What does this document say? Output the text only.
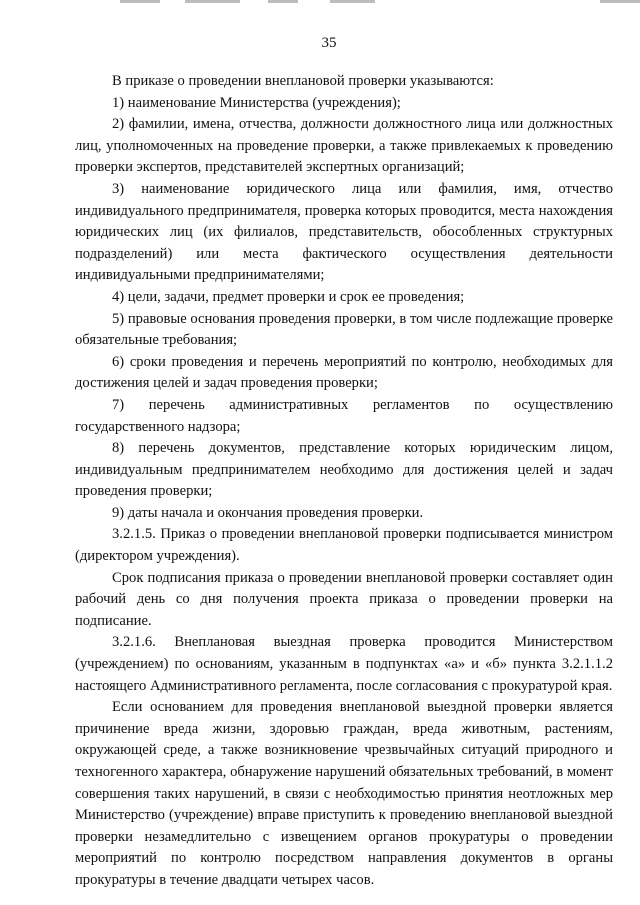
35

В приказе о проведении внеплановой проверки указываются:

1) наименование Министерства (учреждения);

2) фамилии, имена, отчества, должности должностного лица или должностных лиц, уполномоченных на проведение проверки, а также привлекаемых к проведению проверки экспертов, представителей экспертных организаций;

3) наименование юридического лица или фамилия, имя, отчество индивидуального предпринимателя, проверка которых проводится, места нахождения юридических лиц (их филиалов, представительств, обособленных структурных подразделений) или места фактического осуществления деятельности индивидуальными предпринимателями;

4) цели, задачи, предмет проверки и срок ее проведения;

5) правовые основания проведения проверки, в том числе подлежащие проверке обязательные требования;

6) сроки проведения и перечень мероприятий по контролю, необходимых для достижения целей и задач проведения проверки;

7) перечень административных регламентов по осуществлению государственного надзора;

8) перечень документов, представление которых юридическим лицом, индивидуальным предпринимателем необходимо для достижения целей и задач проведения проверки;

9) даты начала и окончания проведения проверки.

3.2.1.5. Приказ о проведении внеплановой проверки подписывается министром (директором учреждения).

Срок подписания приказа о проведении внеплановой проверки составляет один рабочий день со дня получения проекта приказа о проведении проверки на подписание.

3.2.1.6. Внеплановая выездная проверка проводится Министерством (учреждением) по основаниям, указанным в подпунктах «а» и «б» пункта 3.2.1.1.2 настоящего Административного регламента, после согласования с прокуратурой края.

Если основанием для проведения внеплановой выездной проверки является причинение вреда жизни, здоровью граждан, вреда животным, растениям, окружающей среде, а также возникновение чрезвычайных ситуаций природного и техногенного характера, обнаружение нарушений обязательных требований, в момент совершения таких нарушений, в связи с необходимостью принятия неотложных мер Министерство (учреждение) вправе приступить к проведению внеплановой выездной проверки незамедлительно с извещением органов прокуратуры о проведении мероприятий по контролю посредством направления документов в органы прокуратуры в течение двадцати четырех часов.
